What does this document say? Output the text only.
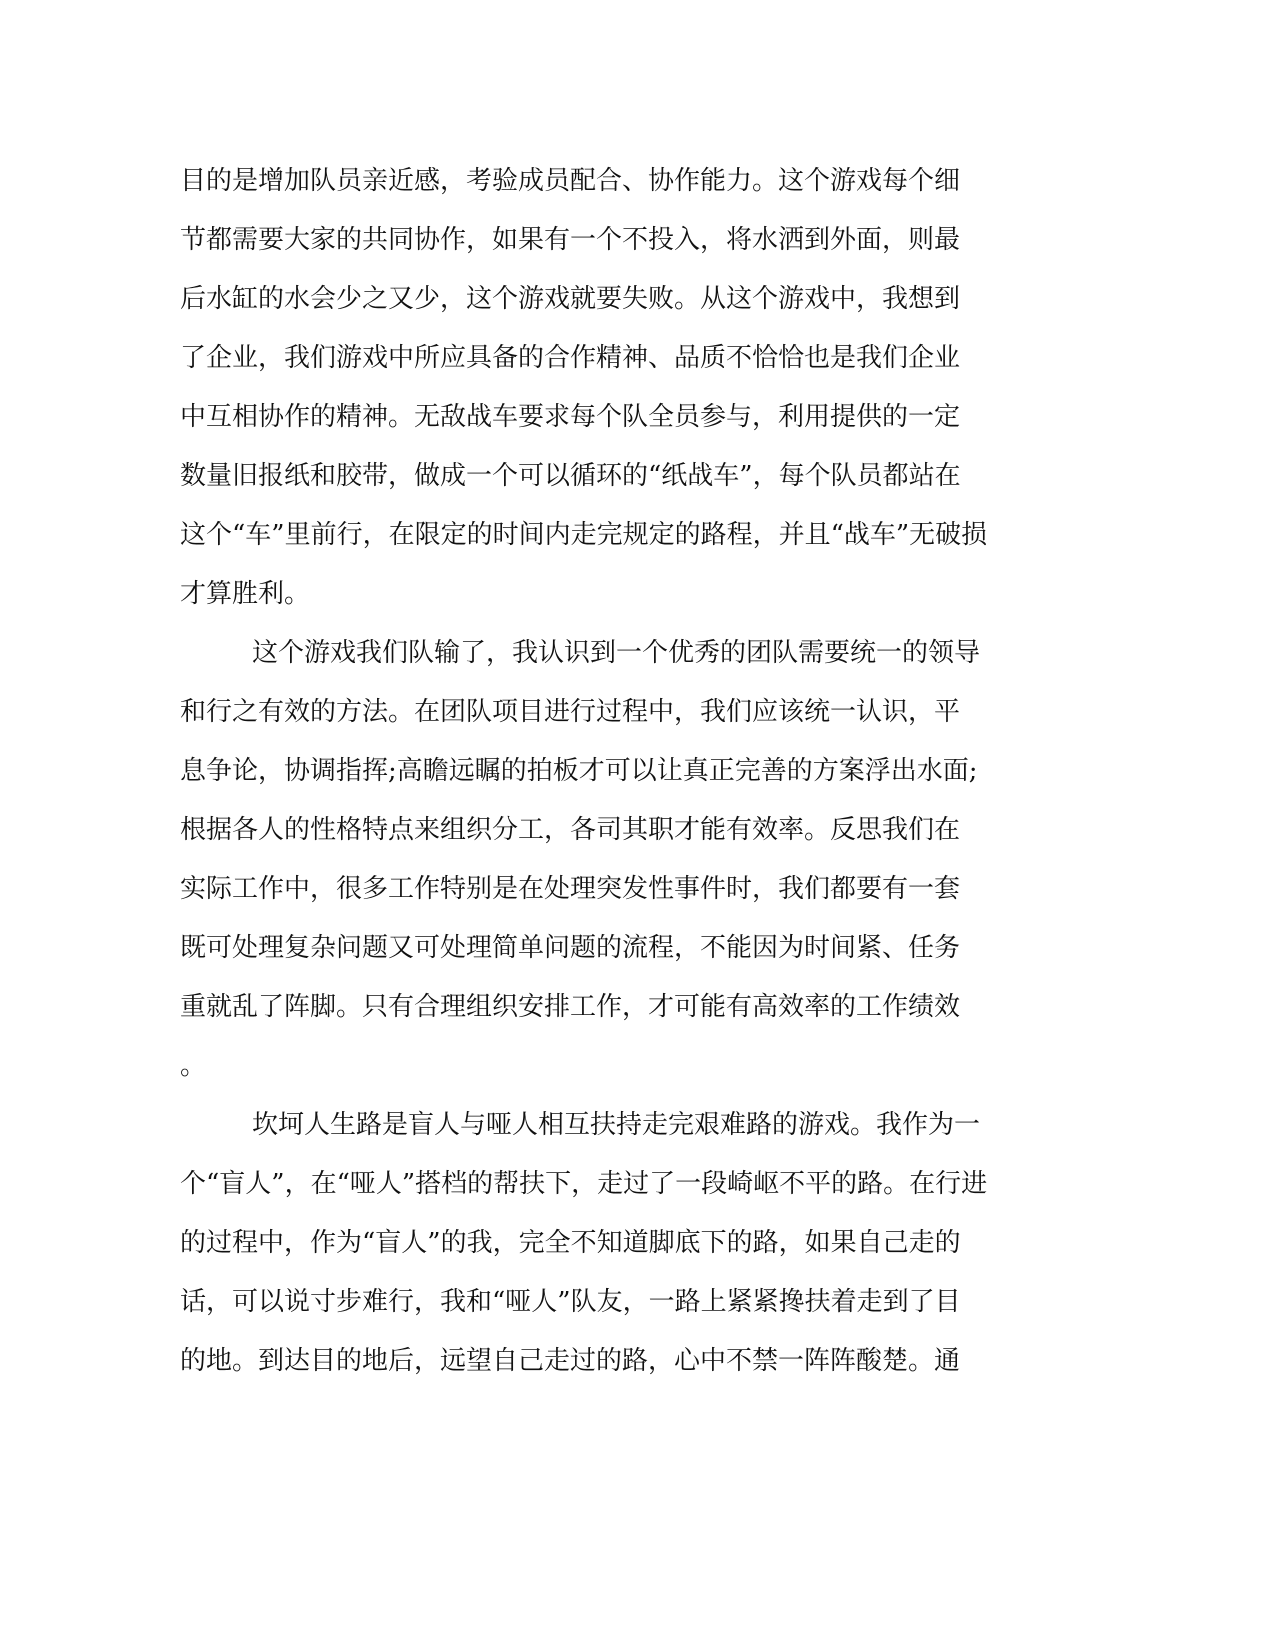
目的是增加队员亲近感，考验成员配合、协作能力。这个游戏每个细
节都需要大家的共同协作，如果有一个不投入，将水洒到外面，则最
后水缸的水会少之又少，这个游戏就要失败。从这个游戏中，我想到
了企业，我们游戏中所应具备的合作精神、品质不恰恰也是我们企业
中互相协作的精神。无敌战车要求每个队全员参与，利用提供的一定
数量旧报纸和胶带，做成一个可以循环的“纸战车”，每个队员都站在
这个“车”里前行，在限定的时间内走完规定的路程，并且“战车”无破损
才算胜利。
这个游戏我们队输了，我认识到一个优秀的团队需要统一的领导
和行之有效的方法。在团队项目进行过程中，我们应该统一认识，平
息争论，协调指挥;高瞻远瞩的拍板才可以让真正完善的方案浮出水面;
根据各人的性格特点来组织分工，各司其职才能有效率。反思我们在
实际工作中，很多工作特别是在处理突发性事件时，我们都要有一套
既可处理复杂问题又可处理简单问题的流程，不能因为时间紧、任务
重就乱了阵脚。只有合理组织安排工作，才可能有高效率的工作绩效
。
坎坷人生路是盲人与哑人相互扶持走完艰难路的游戏。我作为一
个“盲人”，在“哑人”搭档的帮扶下，走过了一段崎岖不平的路。在行进
的过程中，作为“盲人”的我，完全不知道脚底下的路，如果自己走的
话，可以说寸步难行，我和“哑人”队友，一路上紧紧搀扶着走到了目
的地。到达目的地后，远望自己走过的路，心中不禁一阵阵酸楚。通
